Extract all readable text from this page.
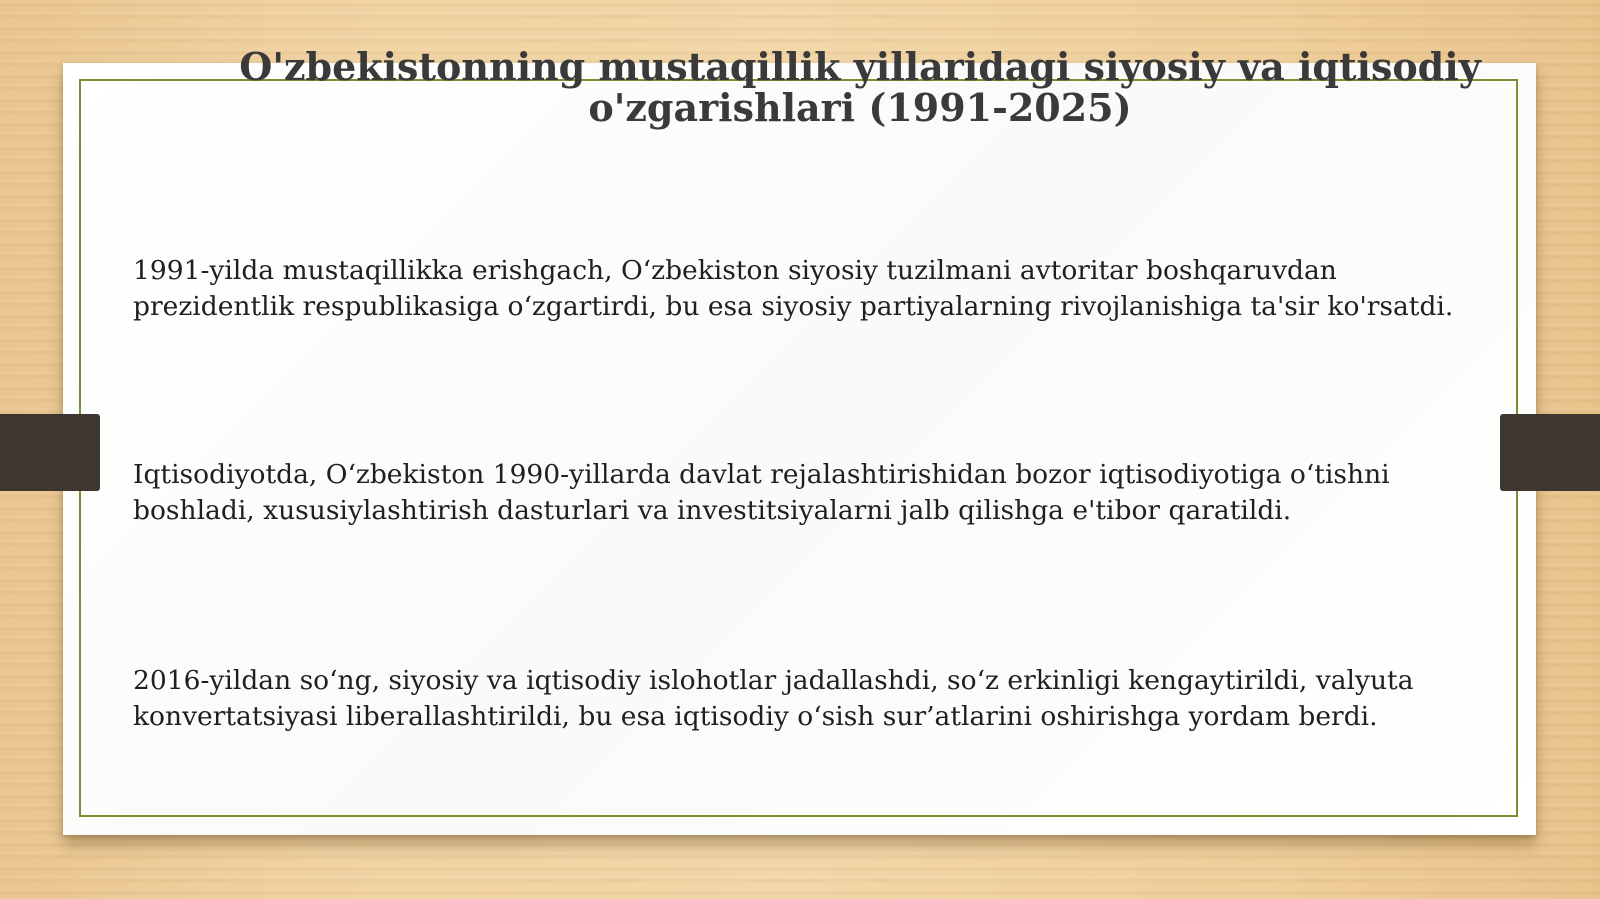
O'zbekistonning mustaqillik yillaridagi siyosiy va iqtisodiy o'zgarishlari (1991-2025)

1991-yilda mustaqillikka erishgach, O‘zbekiston siyosiy tuzilmani avtoritar boshqaruvdan prezidentlik respublikasiga o‘zgartirdi, bu esa siyosiy partiyalarning rivojlanishiga ta'sir ko'rsatdi.

Iqtisodiyotda, O‘zbekiston 1990-yillarda davlat rejalashtirishidan bozor iqtisodiyotiga o‘tishni boshladi, xususiylashtirish dasturlari va investitsiyalarni jalb qilishga e'tibor qaratildi.

2016-yildan so‘ng, siyosiy va iqtisodiy islohotlar jadallashdi, so‘z erkinligi kengaytirildi, valyuta konvertatsiyasi liberallashtirildi, bu esa iqtisodiy o‘sish sur’atlarini oshirishga yordam berdi.
